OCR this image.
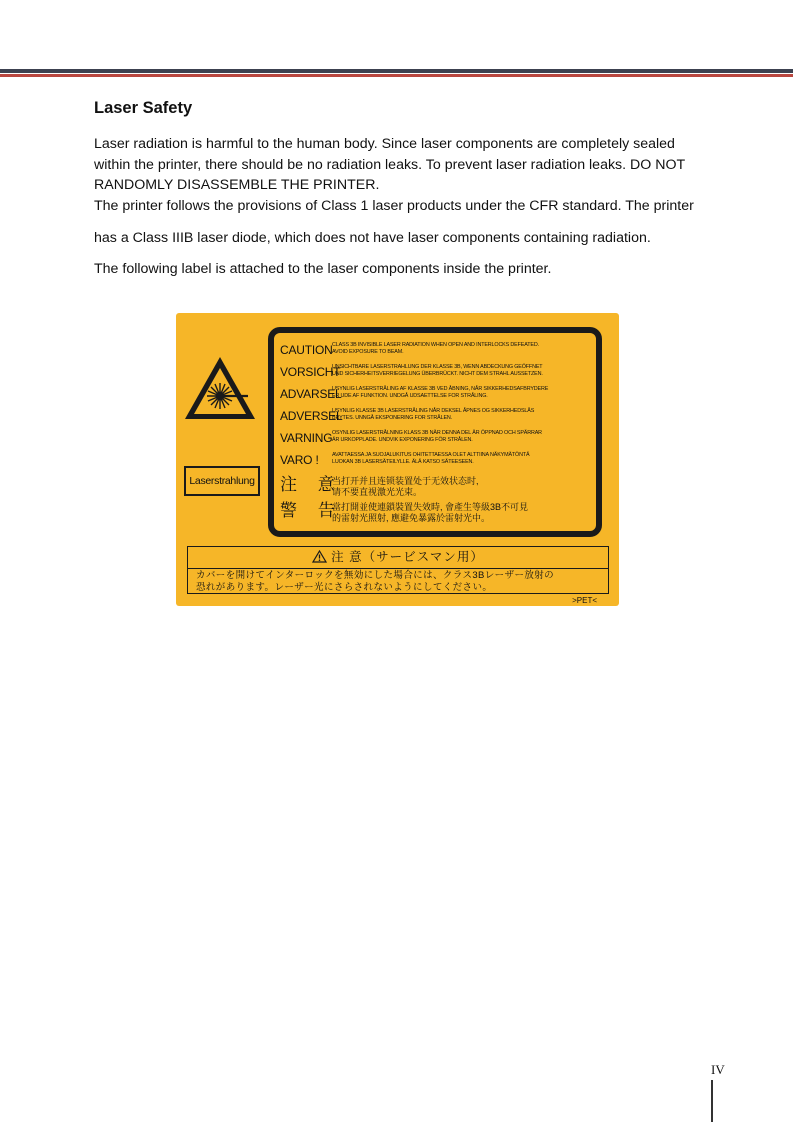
Laser Safety

Laser radiation is harmful to the human body. Since laser components are completely sealed
within the printer, there should be no radiation leaks. To prevent laser radiation leaks. DO NOT
RANDOMLY DISASSEMBLE THE PRINTER.
The printer follows the provisions of Class 1 laser products under the CFR standard. The printer

has a Class IIIB laser diode, which does not have laser components containing radiation.

The following label is attached to the laser components inside the printer.

Laserstrahlung
CAUTION CLASS 3B INVISIBLE LASER RADIATION WHEN OPEN AND INTERLOCKS DEFEATED.
AVOID EXPOSURE TO BEAM.
VORSICHT
UNSICHTBARE LASERSTRAHLUNG DER KLASSE 3B, WENN ABDECKUNG GEÖFFNET
UND SICHERHEITSVERRIEGELUNG ÜBERBRÜCKT. NICHT DEM STRAHL AUSSETZEN.
ADVARSEL
USYNLIG LASERSTRÅLING AF KLASSE 3B VED ÅBNING, NÅR SIKKERHEDSAFBRYDERE
ER UDE AF FUNKTION. UNDGÅ UDSAETTELSE FOR STRÅLING.
ADVERSEL
USYNLIG KLASSE 3B LASERSTRÅLING NÅR DEKSEL ÅPNES OG SIKKERHEDSLÅS
BRYTES. UNNGÅ EKSPONERING FOR STRÅLEN.
VARNING OSYNLIG LASERSTRÅLNING KLASS 3B NÄR DENNA DEL ÄR ÖPPNAD OCH SPÄRRAR
ÄR URKOPPLADE. UNDVIK EXPONERING FÖR STRÅLEN.
VARO ! AVATTAESSA JA SUOJALUKITUS OHITETTAESSA OLET ALTTIINA NÄKYMÄTÖNTÄ
LUOKAN 3B LASERSÄTEILYLLE. ÄLÄ KATSO SÄTEESEEN.
注 意
当打开并且连锁装置处于无效状态时,
请不要直视激光光束。
警 告
當打開並使連鎖裝置失效時, 會產生等級3B不可見
的雷射光照射, 應避免暴露於雷射光中。
注 意（サービスマン用）
カバーを開けてインターロックを無効にした場合には、クラス3Bレーザー放射の
恐れがあります。レーザー光にさらされないようにしてください。
>PET<
IV
